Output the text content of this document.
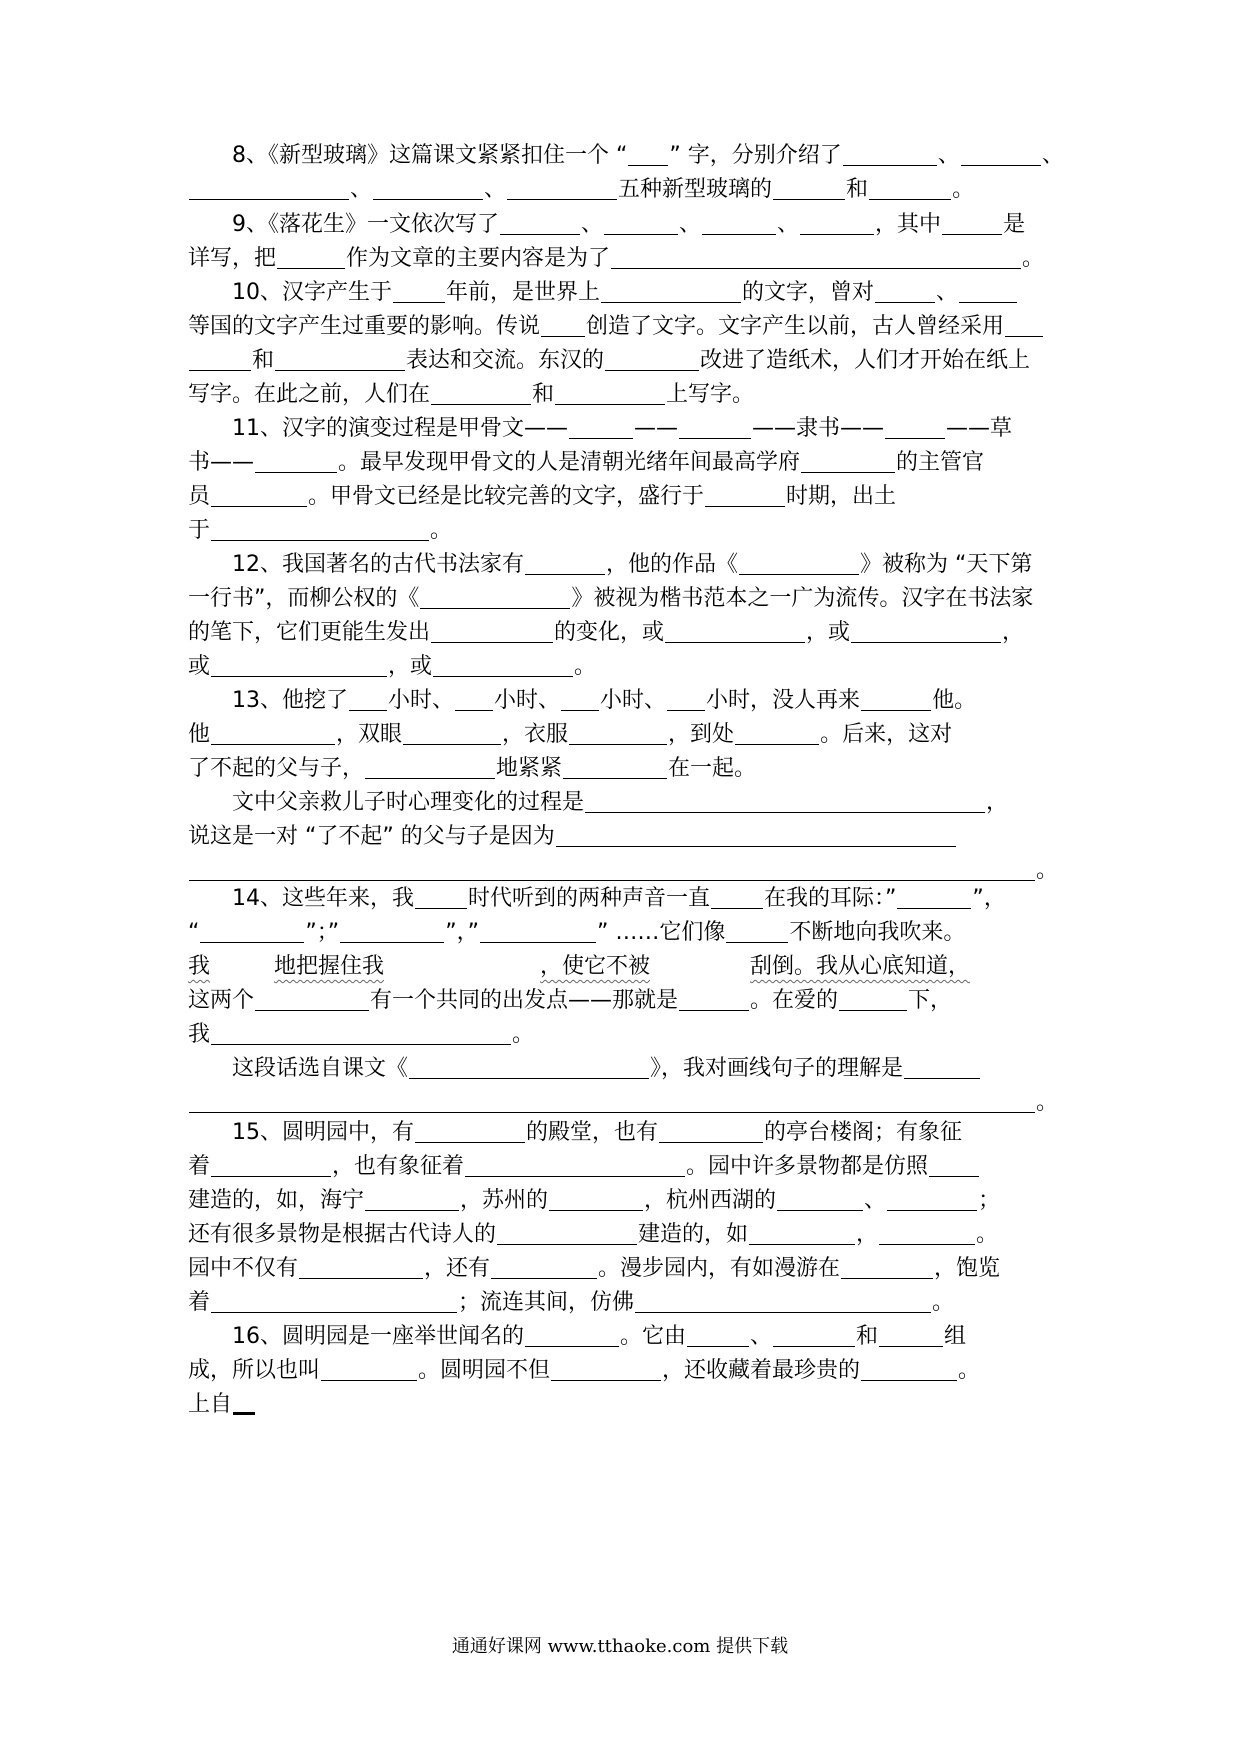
8、《新型玻璃》这篇课文紧紧扣住一个 “ ” 字，分别介绍了	、	、
、	、	五种新型玻璃的	和	。
9、《落花生》一文依次写了	、	、	、	，其中	是
详写，把	作为文章的主要内容是为了	。
10、汉字产生于 年前，是世界上	的文字，曾对	、
等国的文字产生过重要的影响。传说 创造了文字。文字产生以前，古人曾经采用
和	表达和交流。东汉的	改进了造纸术，人们才开始在纸上
写字。在此之前，人们在	和	上写字。
11、汉字的演变过程是甲骨文——	——	——隶书——	——草
书——	。最早发现甲骨文的人是清朝光绪年间最高学府	的主管官
员	。甲骨文已经是比较完善的文字，盛行于	时期，出土
于	。
12、我国著名的古代书法家有	，他的作品《	》被称为 “天下第
一行书”，而柳公权的《	》被视为楷书范本之一广为流传。汉字在书法家
的笔下，它们更能生发出	的变化，或	，或	，
或	，或	。
13、他挖了 小时、 小时、 小时、 小时，没人再来	他。
他	，双眼	，衣服	，到处	。后来，这对
了不起的父与子，	地紧紧	在一起。
文中父亲救儿子时心理变化的过程是	，
说这是一对 “了不起” 的父与子是因为
。
14、这些年来，我 时代听到的两种声音一直 在我的耳际：”	”，
“	”；”	”，”	” ……它们像	不断地向我吹来。
我	地把握住我	，使它不被	刮倒。我从心底知道，
这两个	有一个共同的出发点——那就是	。在爱的	下，
我	。
这段话选自课文《	》，我对画线句子的理解是
。
15、圆明园中，有	的殿堂，也有	的亭台楼阁；有象征
着	，也有象征着	。园中许多景物都是仿照
建造的，如，海宁	，苏州的	，杭州西湖的	、	；
还有很多景物是根据古代诗人的	建造的，如	，	。
园中不仅有	，还有	。漫步园内，有如漫游在	，饱览
着	；流连其间，仿佛	。
16、圆明园是一座举世闻名的	。它由	、	和	组
成，所以也叫	。圆明园不但	，还收藏着最珍贵的	。
上自
通通好课网 www.tthaoke.com 提供下载
